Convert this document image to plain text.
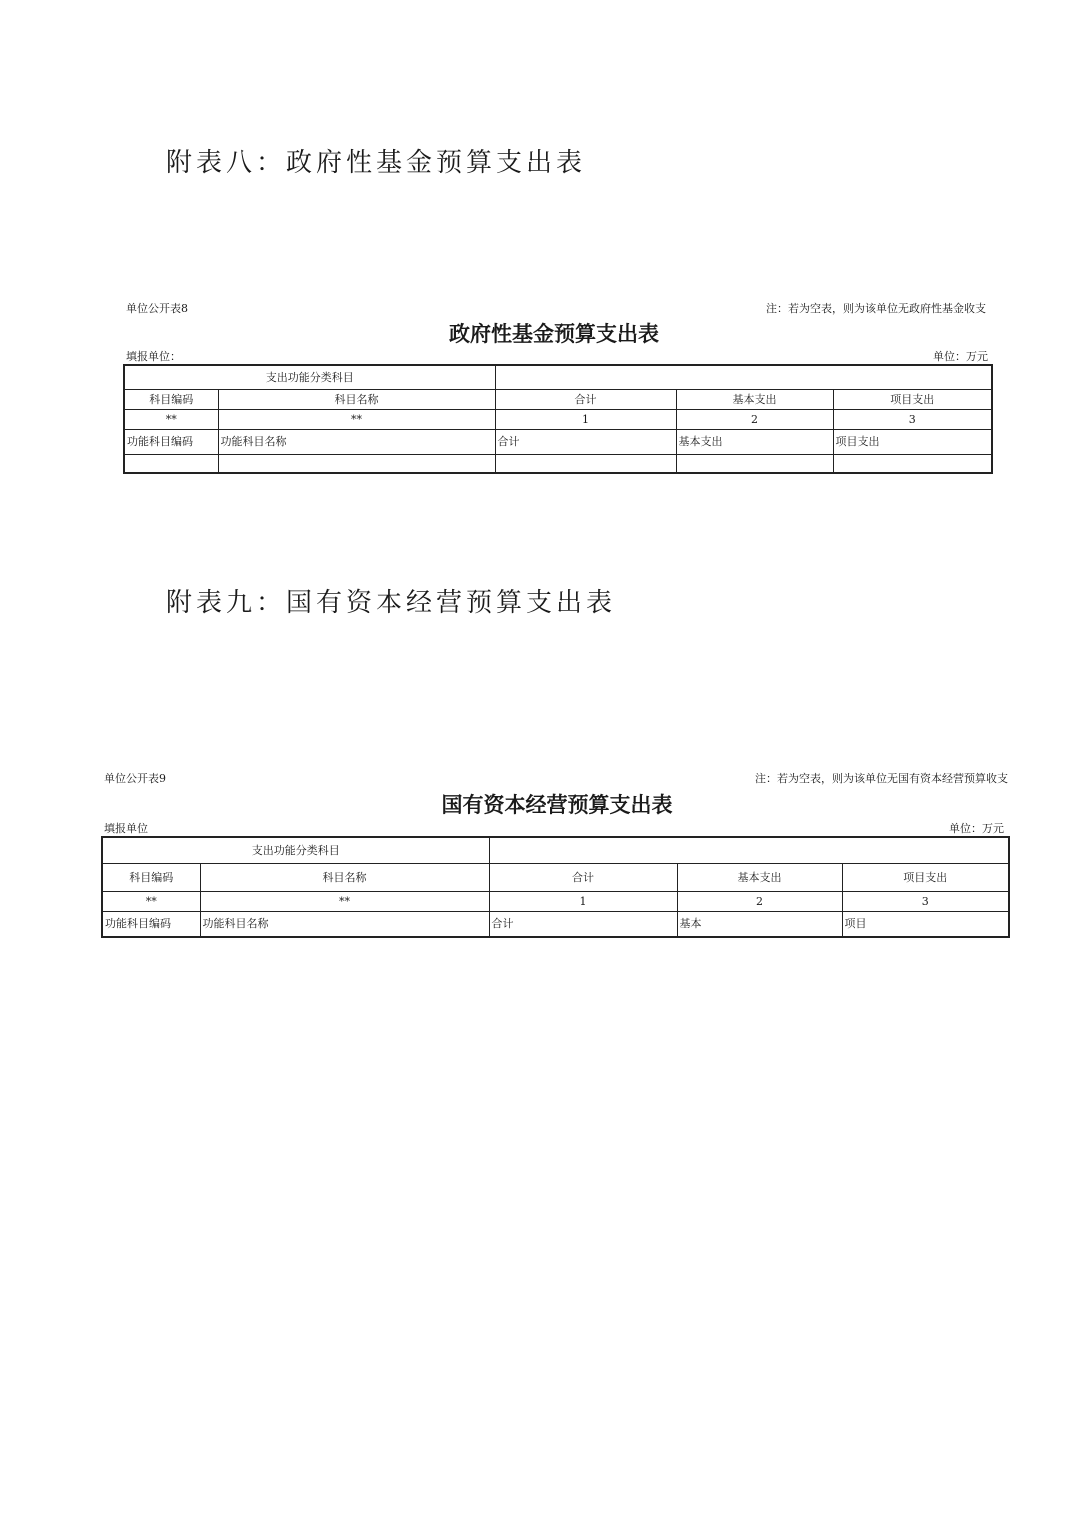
附表八：政府性基金预算支出表
单位公开表8	注：若为空表，则为该单位无政府性基金收支
政府性基金预算支出表
填报单位：	单位：万元
支出功能分类科目				
科目编码	科目名称	合计	基本支出	项目支出
**	**	1	2	3
功能科目编码	功能科目名称	合计	基本支出	项目支出

附表九：国有资本经营预算支出表
单位公开表9	注：若为空表，则为该单位无国有资本经营预算收支
国有资本经营预算支出表
填报单位	单位：万元
支出功能分类科目				
科目编码	科目名称	合计	基本支出	项目支出
**	**	1	2	3
功能科目编码	功能科目名称	合计	基本	项目
